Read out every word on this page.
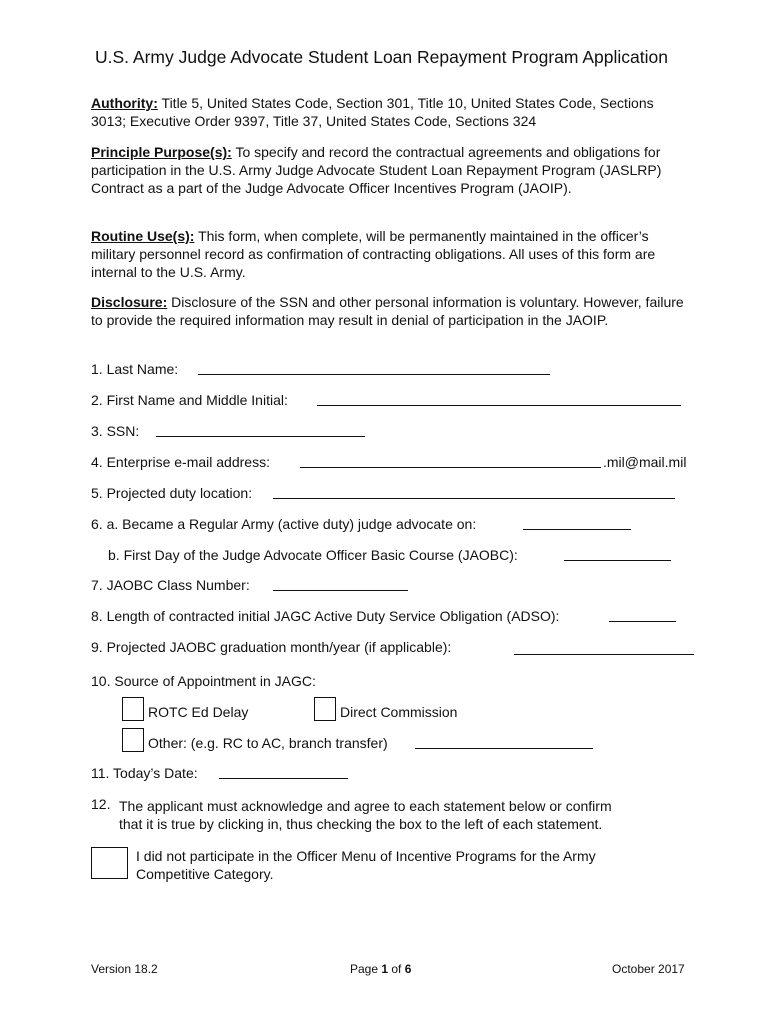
U.S. Army Judge Advocate Student Loan Repayment Program Application
Authority: Title 5, United States Code, Section 301, Title 10, United States Code, Sections 3013; Executive Order 9397, Title 37, United States Code, Sections 324
Principle Purpose(s): To specify and record the contractual agreements and obligations for participation in the U.S. Army Judge Advocate Student Loan Repayment Program (JASLRP) Contract as a part of the Judge Advocate Officer Incentives Program (JAOIP).
Routine Use(s): This form, when complete, will be permanently maintained in the officer’s military personnel record as confirmation of contracting obligations. All uses of this form are internal to the U.S. Army.
Disclosure: Disclosure of the SSN and other personal information is voluntary. However, failure to provide the required information may result in denial of participation in the JAOIP.
1. Last Name:
2. First Name and Middle Initial:
3. SSN:
4. Enterprise e-mail address:	.mil@mail.mil
5. Projected duty location:
6. a. Became a Regular Army (active duty) judge advocate on:
b. First Day of the Judge Advocate Officer Basic Course (JAOBC):
7. JAOBC Class Number:
8. Length of contracted initial JAGC Active Duty Service Obligation (ADSO):
9. Projected JAOBC graduation month/year (if applicable):
10. Source of Appointment in JAGC:
ROTC Ed Delay	Direct Commission
Other: (e.g. RC to AC, branch transfer)
11. Today’s Date:
12. The applicant must acknowledge and agree to each statement below or confirm
that it is true by clicking in, thus checking the box to the left of each statement.
I did not participate in the Officer Menu of Incentive Programs for the Army
Competitive Category.
Version 18.2	Page 1 of 6	October 2017
